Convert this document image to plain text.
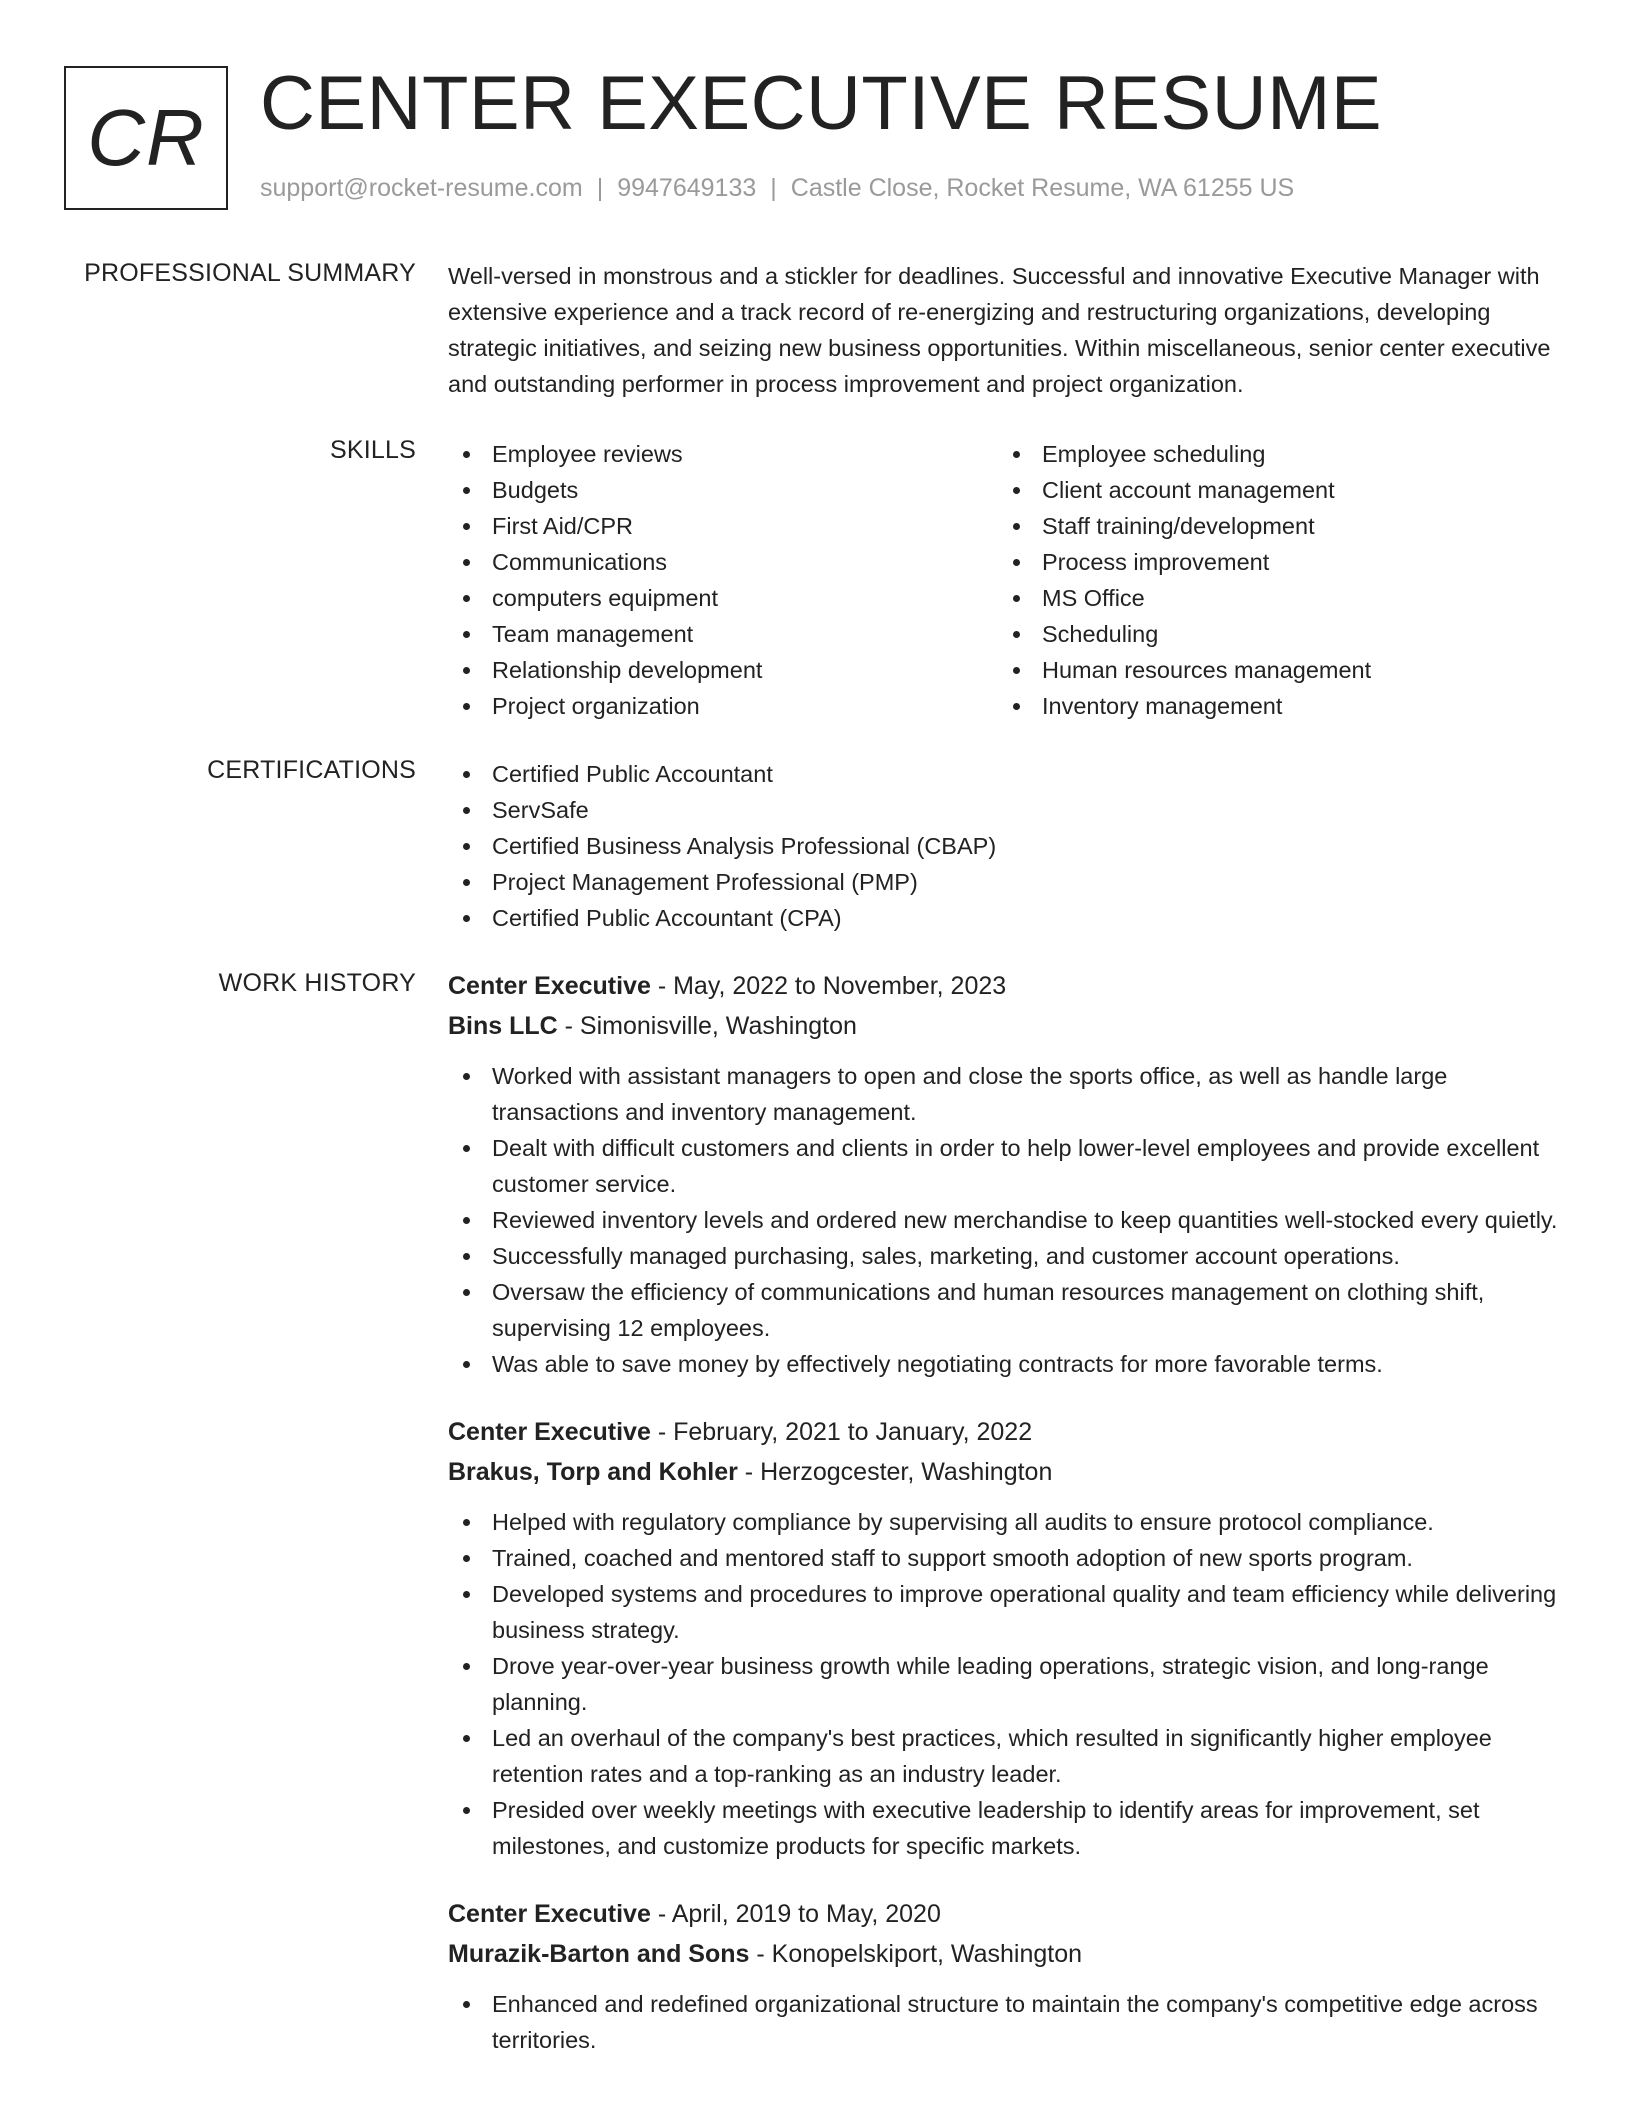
CR CENTER EXECUTIVE RESUME
support@rocket-resume.com | 9947649133 | Castle Close, Rocket Resume, WA 61255 US
PROFESSIONAL SUMMARY Well-versed in monstrous and a stickler for deadlines. Successful and innovative Executive Manager with extensive experience and a track record of re-energizing and restructuring organizations, developing strategic initiatives, and seizing new business opportunities. Within miscellaneous, senior center executive and outstanding performer in process improvement and project organization.
SKILLS	Employee reviews
Budgets
First Aid/CPR
Communications
computers equipment
Team management
Relationship development
Project organization
Employee scheduling
Client account management
Staff training/development
Process improvement
MS Office
Scheduling
Human resources management
Inventory management
CERTIFICATIONS	Certified Public Accountant
ServSafe
Certified Business Analysis Professional (CBAP)
Project Management Professional (PMP)
Certified Public Accountant (CPA)
WORK HISTORY Center Executive - May, 2022 to November, 2023
Bins LLC - Simonisville, Washington
Worked with assistant managers to open and close the sports office, as well as handle large transactions and inventory management.
Dealt with difficult customers and clients in order to help lower-level employees and provide excellent customer service.
Reviewed inventory levels and ordered new merchandise to keep quantities well-stocked every quietly.
Successfully managed purchasing, sales, marketing, and customer account operations.
Oversaw the efficiency of communications and human resources management on clothing shift, supervising 12 employees.
Was able to save money by effectively negotiating contracts for more favorable terms.
Center Executive - February, 2021 to January, 2022
Brakus, Torp and Kohler - Herzogcester, Washington
Helped with regulatory compliance by supervising all audits to ensure protocol compliance.
Trained, coached and mentored staff to support smooth adoption of new sports program.
Developed systems and procedures to improve operational quality and team efficiency while delivering business strategy.
Drove year-over-year business growth while leading operations, strategic vision, and long-range planning.
Led an overhaul of the company's best practices, which resulted in significantly higher employee retention rates and a top-ranking as an industry leader.
Presided over weekly meetings with executive leadership to identify areas for improvement, set milestones, and customize products for specific markets.
Center Executive - April, 2019 to May, 2020
Murazik-Barton and Sons - Konopelskiport, Washington
Enhanced and redefined organizational structure to maintain the company's competitive edge across territories.
